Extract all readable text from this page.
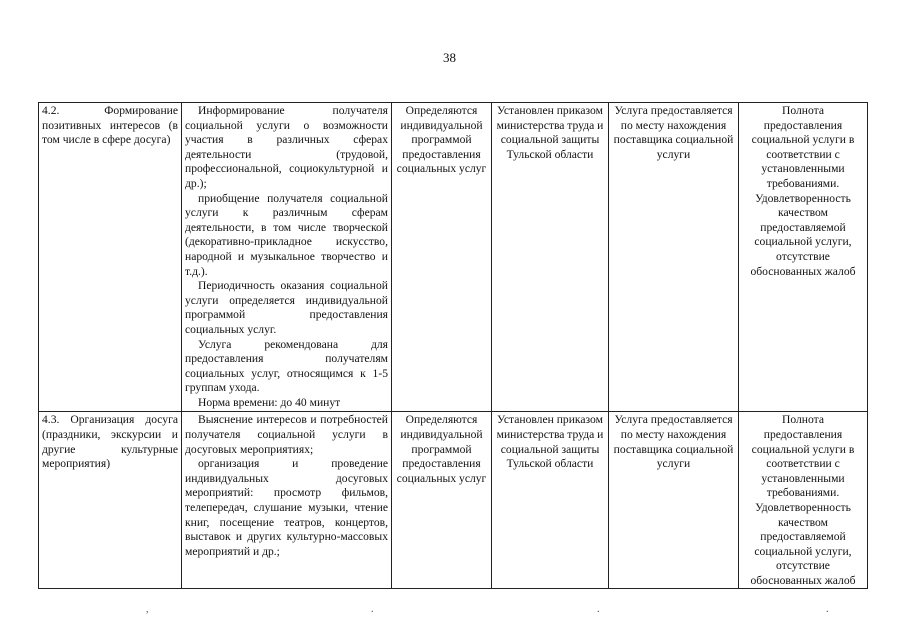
38
4.2. Формирование позитивных интересов (в том числе в сфере досуга)	Информирование получателя социальной услуги о возможности участия в различных сферах деятельности (трудовой, профессиональной, социокультурной и др.);

приобщение получателя социальной услуги к различным сферам деятельности, в том числе творческой (декоративно-прикладное искусство, народной и музыкальное творчество и т.д.).

Периодичность оказания социальной услуги определяется индивидуальной программой предоставления социальных услуг.

Услуга рекомендована для предоставления получателям социальных услуг, относящимся к 1-5 группам ухода.

Норма времени: до 40 минут	Определяются индивидуальной программой предоставления социальных услуг	Установлен приказом министерства труда и социальной защиты Тульской области	Услуга предоставляется по месту нахождения поставщика социальной услуги	Полнота предоставления социальной услуги в соответствии с установленными требованиями. Удовлетворенность качеством предоставляемой социальной услуги, отсутствие обоснованных жалоб
4.3. Организация досуга (праздники, экскурсии и другие культурные мероприятия)	Выяснение интересов и потребностей получателя социальной услуги в досуговых мероприятиях;

организация и проведение индивидуальных досуговых мероприятий: просмотр фильмов, телепередач, слушание музыки, чтение книг, посещение театров, концертов, выставок и других культурно-массовых мероприятий и др.;	Определяются индивидуальной программой предоставления социальных услуг	Установлен приказом министерства труда и социальной защиты Тульской области	Услуга предоставляется по месту нахождения поставщика социальной услуги	Полнота предоставления социальной услуги в соответствии с установленными требованиями. Удовлетворенность качеством предоставляемой социальной услуги, отсутствие обоснованных жалоб
,	.	.	.
